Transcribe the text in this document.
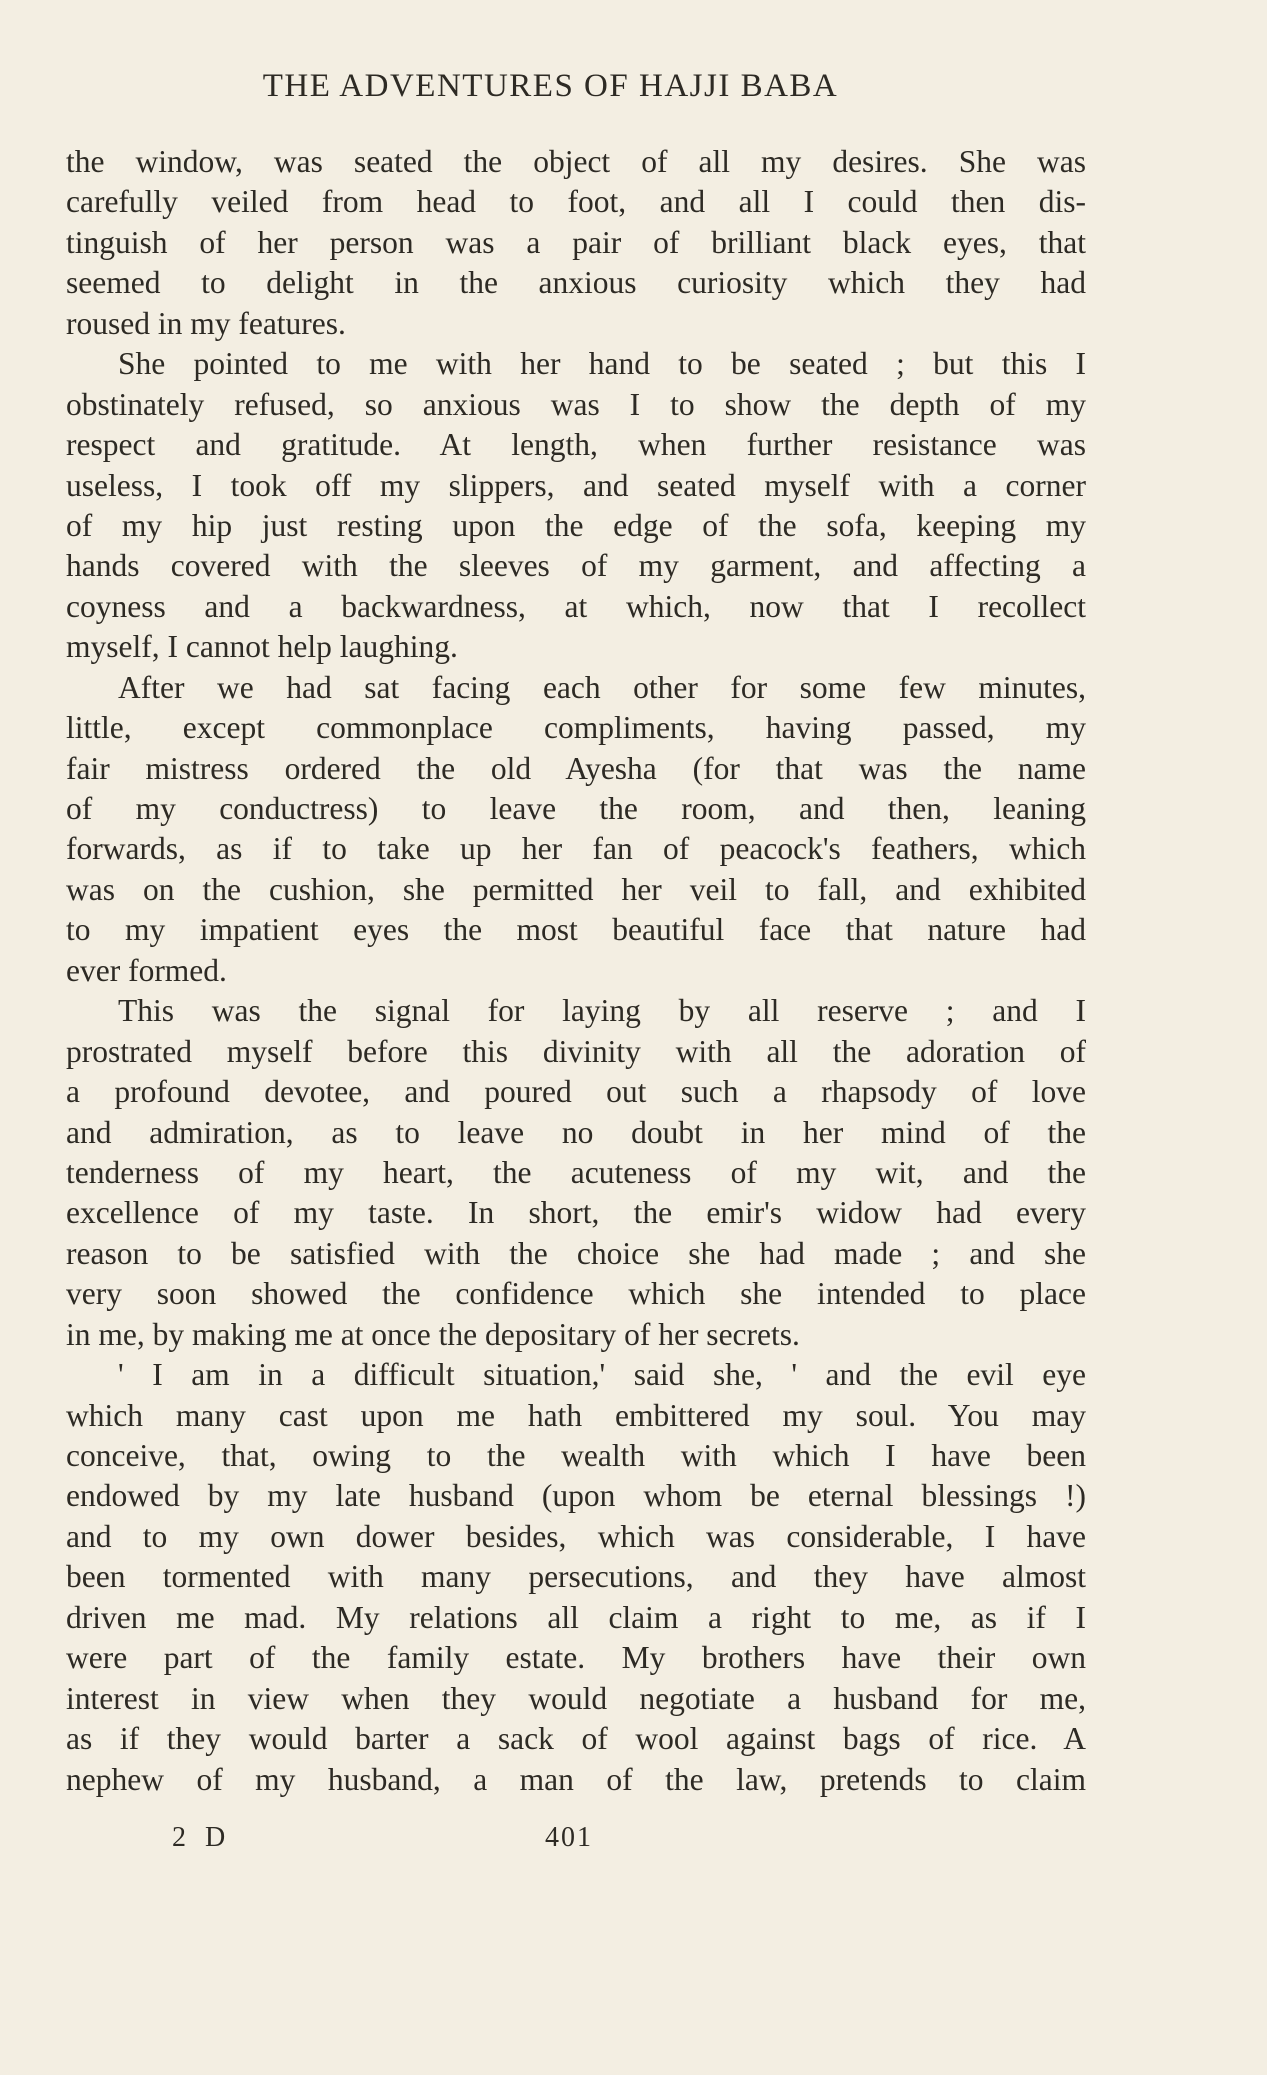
THE ADVENTURES OF HAJJI BABA
the window, was seated the object of all my desires. She was
carefully veiled from head to foot, and all I could then dis-
tinguish of her person was a pair of brilliant black eyes, that
seemed to delight in the anxious curiosity which they had
roused in my features.
She pointed to me with her hand to be seated ; but this I
obstinately refused, so anxious was I to show the depth of my
respect and gratitude. At length, when further resistance was
useless, I took off my slippers, and seated myself with a corner
of my hip just resting upon the edge of the sofa, keeping my
hands covered with the sleeves of my garment, and affecting a
coyness and a backwardness, at which, now that I recollect
myself, I cannot help laughing.
After we had sat facing each other for some few minutes,
little, except commonplace compliments, having passed, my
fair mistress ordered the old Ayesha (for that was the name
of my conductress) to leave the room, and then, leaning
forwards, as if to take up her fan of peacock's feathers, which
was on the cushion, she permitted her veil to fall, and exhibited
to my impatient eyes the most beautiful face that nature had
ever formed.
This was the signal for laying by all reserve ; and I
prostrated myself before this divinity with all the adoration of
a profound devotee, and poured out such a rhapsody of love
and admiration, as to leave no doubt in her mind of the
tenderness of my heart, the acuteness of my wit, and the
excellence of my taste. In short, the emir's widow had every
reason to be satisfied with the choice she had made ; and she
very soon showed the confidence which she intended to place
in me, by making me at once the depositary of her secrets.
' I am in a difficult situation,' said she, ' and the evil eye
which many cast upon me hath embittered my soul. You may
conceive, that, owing to the wealth with which I have been
endowed by my late husband (upon whom be eternal blessings !)
and to my own dower besides, which was considerable, I have
been tormented with many persecutions, and they have almost
driven me mad. My relations all claim a right to me, as if I
were part of the family estate. My brothers have their own
interest in view when they would negotiate a husband for me,
as if they would barter a sack of wool against bags of rice. A
nephew of my husband, a man of the law, pretends to claim
2 D	401
